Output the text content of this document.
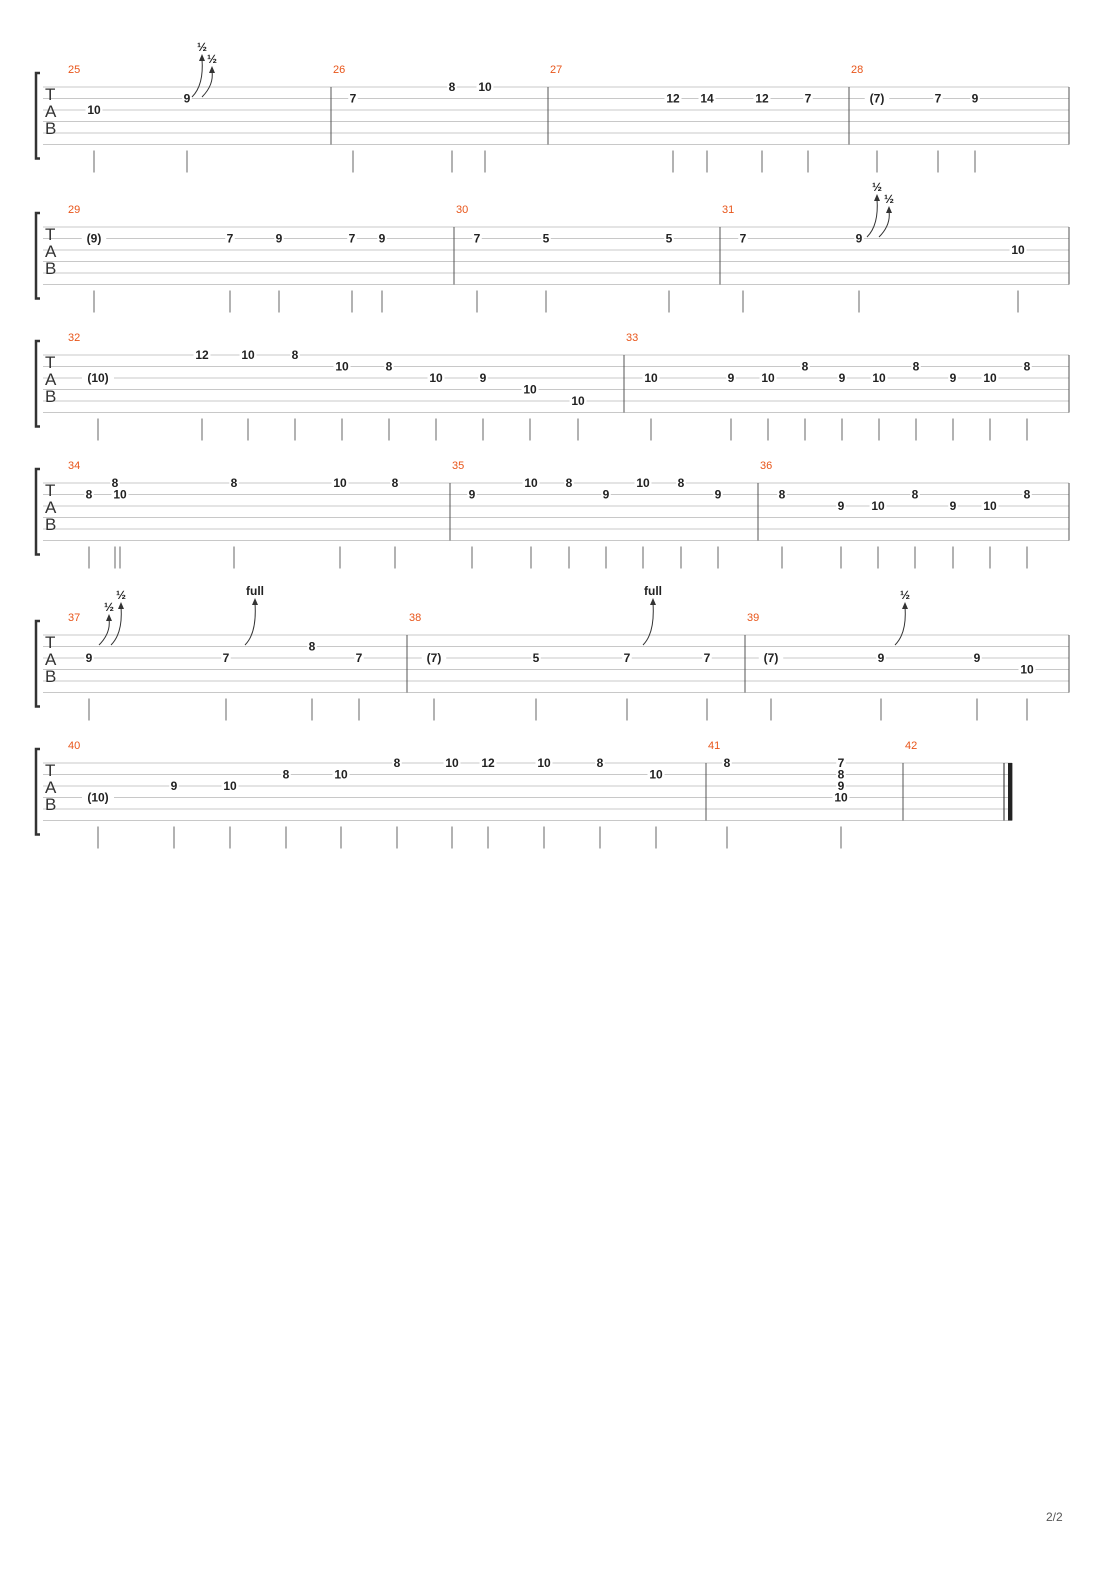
T
A
B
25
10
9
½
½
26
7
8 10
27
12 14	12	7
28
(7)	7	9
T
A
B
29
(9)	7	9	7 9
30
7	5	5
31
7	9
½
½
10
T
A
B
32
(10)
12	10	8
10	8
10	9
10
10
33
10	9 10
8
9 10
8
9 10
8
T
A
B
34
8
8
10
8	10	8
35
9
10 8
9
10 8
9
36
8
9 10
8
9 10
8
T
A
B
37
9
½
½
7
full
8
7
38
(7)	5	7
full
7
39
(7)	9
½
9
10
T
A
B
40
(10)
9	10
8	10
8	10 12	10	8
10
41
8	7
8
9
10
42
2/2
